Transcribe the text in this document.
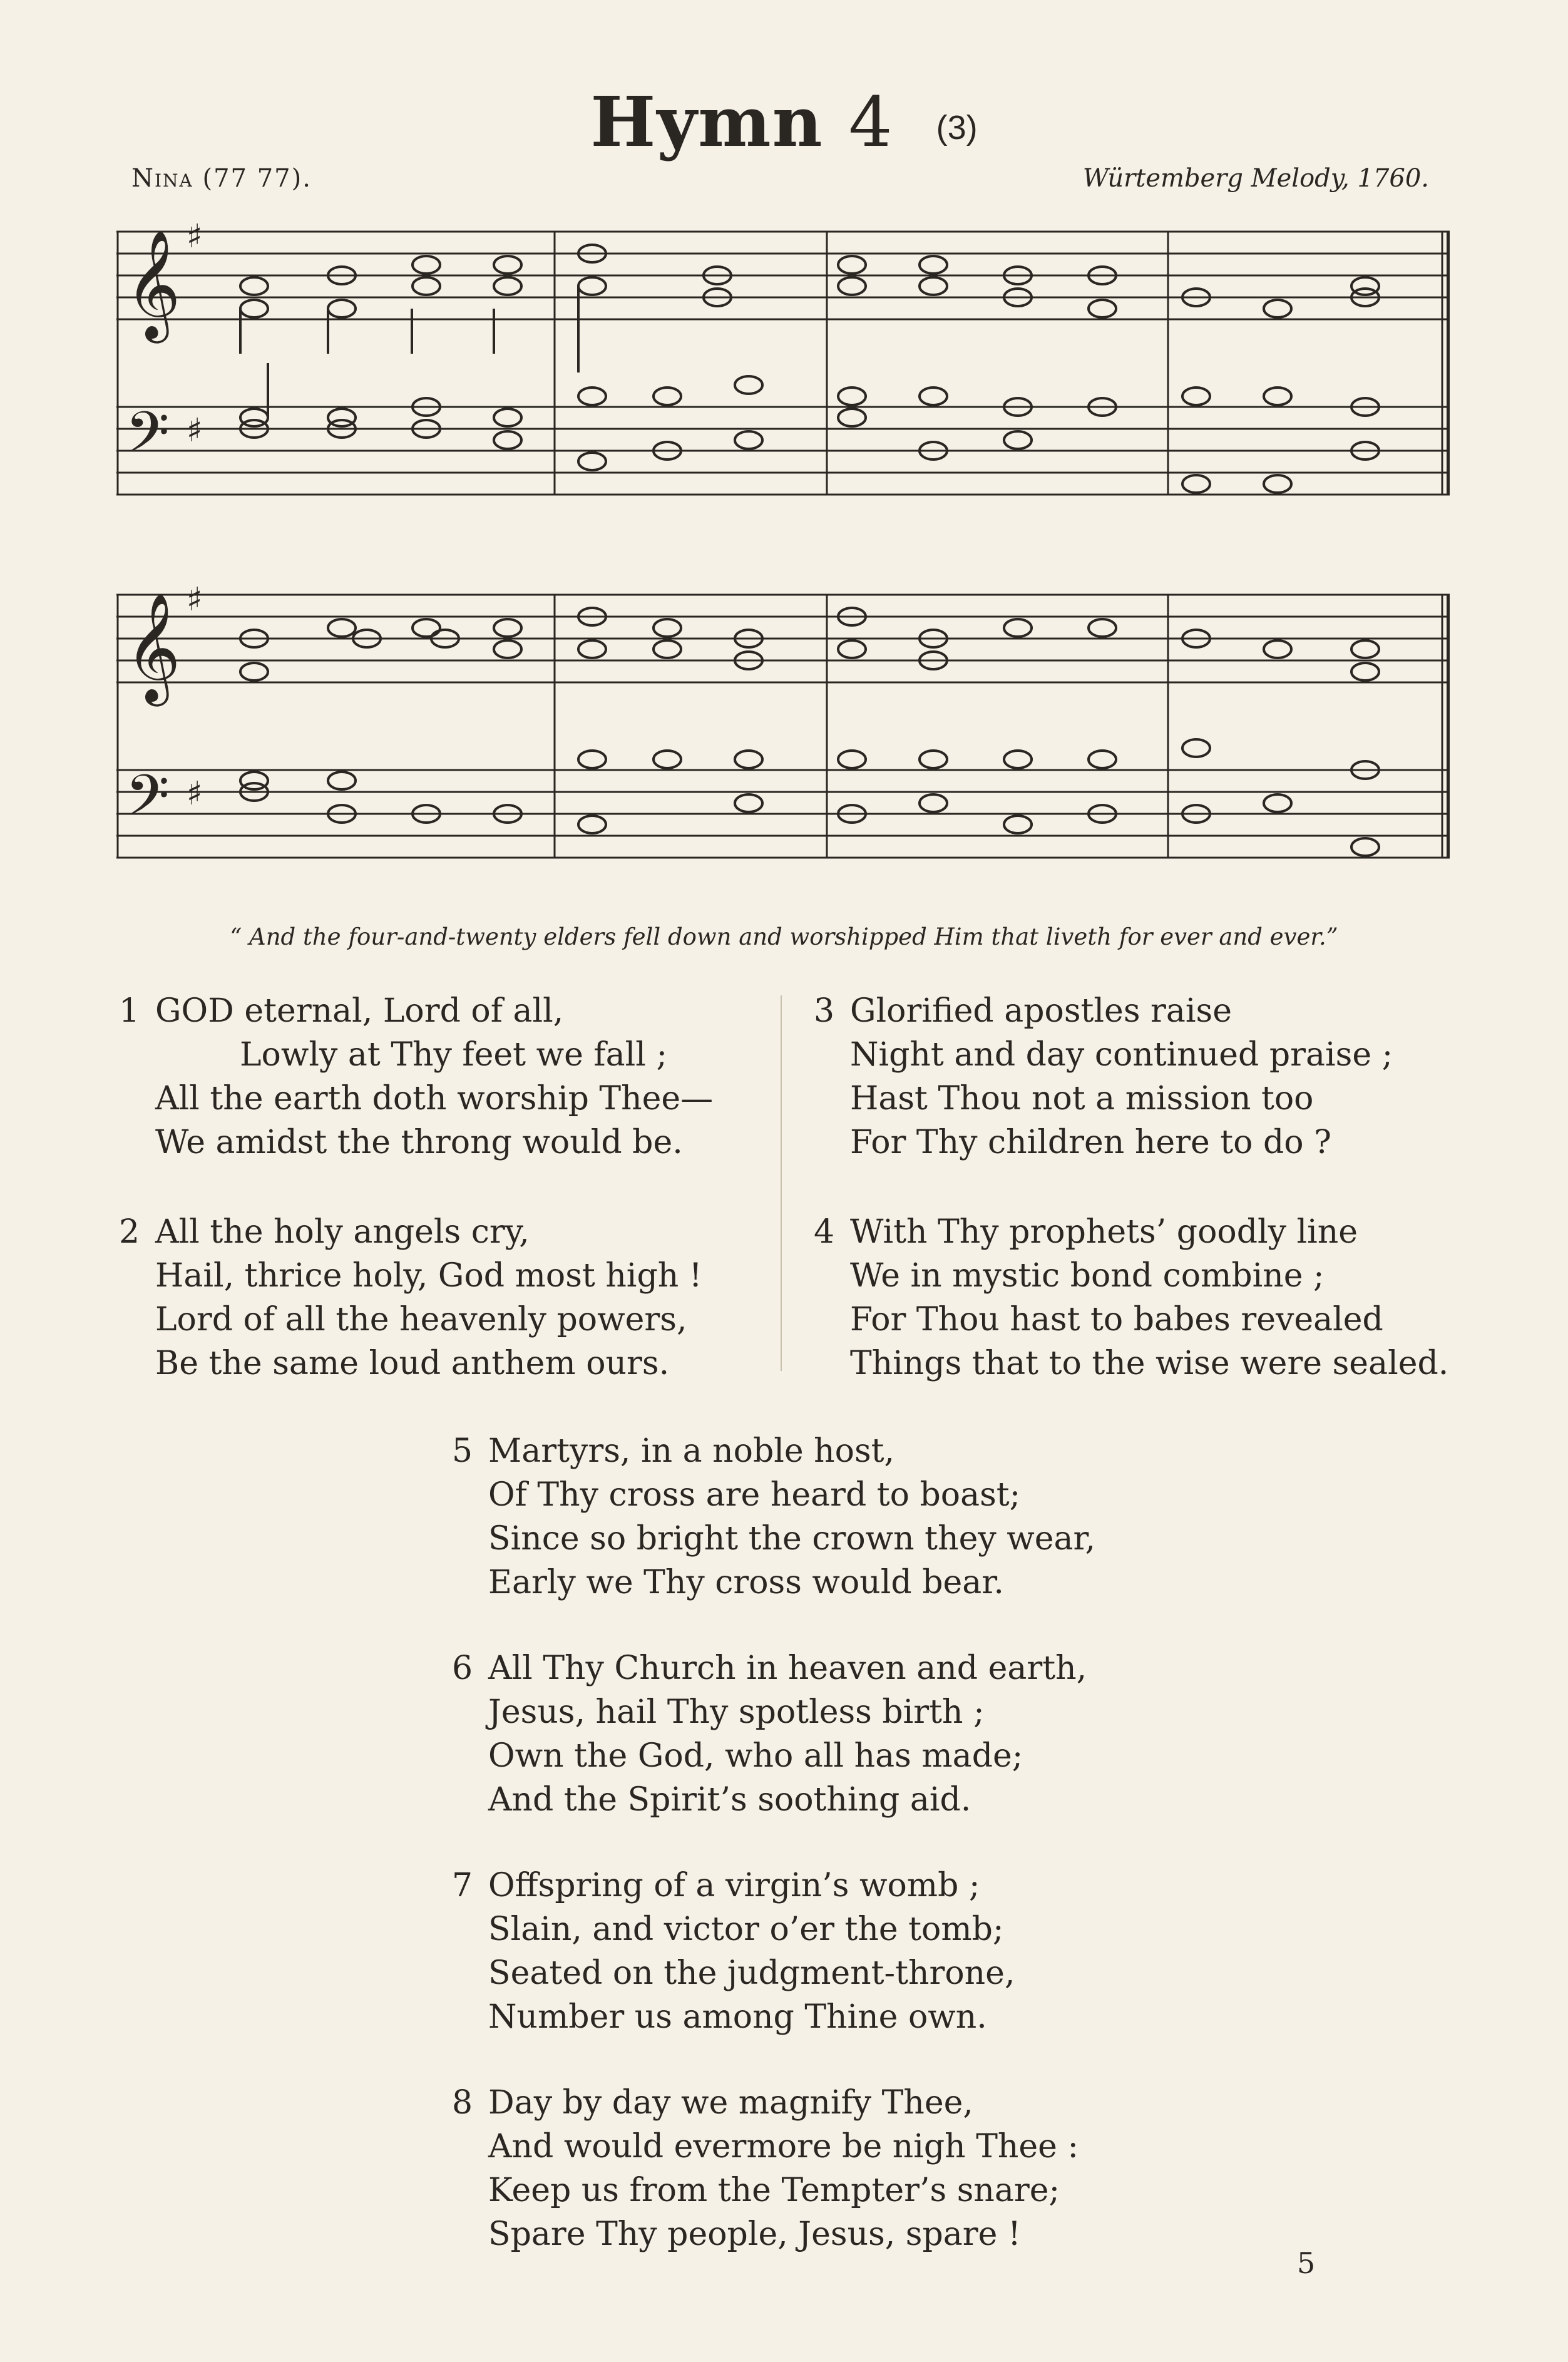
Hymn 4 (3)
Nina (77 77).	Würtemberg Melody, 1760.
𝄞
𝄢
♯
♯
𝄞
𝄢
♯
♯
“ And the four-and-twenty elders fell down and worshipped Him that liveth for ever and ever.”
1 GOD eternal, Lord of all,
Lowly at Thy feet we fall ;
All the earth doth worship Thee—
We amidst the throng would be.
2 All the holy angels cry,
Hail, thrice holy, God most high !
Lord of all the heavenly powers,
Be the same loud anthem ours.
3 Glorified apostles raise
Night and day continued praise ;
Hast Thou not a mission too
For Thy children here to do ?
4 With Thy prophets’ goodly line
We in mystic bond combine ;
For Thou hast to babes revealed
Things that to the wise were sealed.
5 Martyrs, in a noble host,
Of Thy cross are heard to boast;
Since so bright the crown they wear,
Early we Thy cross would bear.
6 All Thy Church in heaven and earth,
Jesus, hail Thy spotless birth ;
Own the God, who all has made;
And the Spirit’s soothing aid.
7 Offspring of a virgin’s womb ;
Slain, and victor o’er the tomb;
Seated on the judgment-throne,
Number us among Thine own.
8 Day by day we magnify Thee,
And would evermore be nigh Thee :
Keep us from the Tempter’s snare;
Spare Thy people, Jesus, spare !
5
